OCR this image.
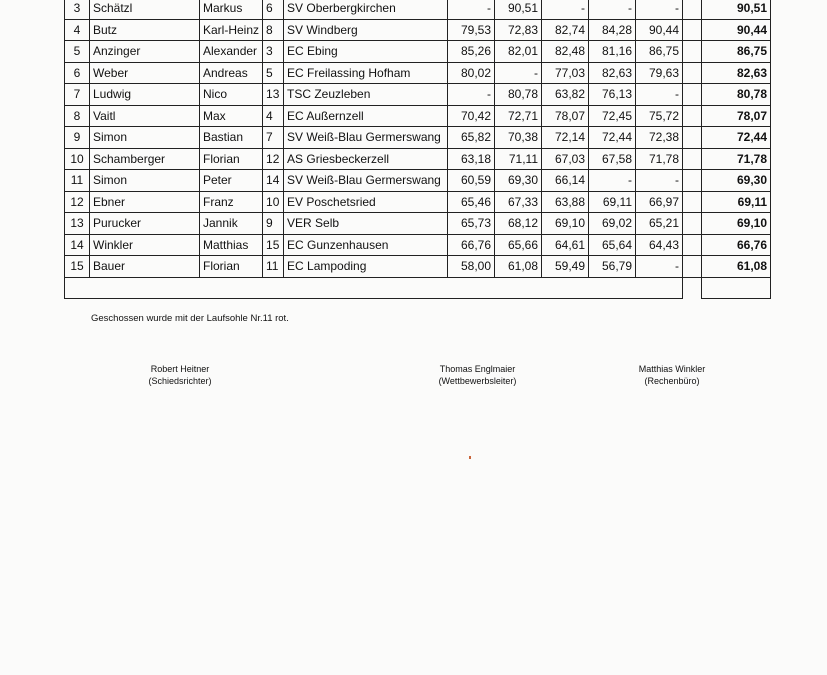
3	Schätzl	Markus	6	SV Oberbergkirchen	-	90,51	-	-	-		90,51
4	Butz	Karl-Heinz	8	SV Windberg	79,53	72,83	82,74	84,28	90,44		90,44
5	Anzinger	Alexander	3	EC Ebing	85,26	82,01	82,48	81,16	86,75		86,75
6	Weber	Andreas	5	EC Freilassing Hofham	80,02	-	77,03	82,63	79,63		82,63
7	Ludwig	Nico	13	TSC Zeuzleben	-	80,78	63,82	76,13	-		80,78
8	Vaitl	Max	4	EC Außernzell	70,42	72,71	78,07	72,45	75,72		78,07
9	Simon	Bastian	7	SV Weiß-Blau Germerswang	65,82	70,38	72,14	72,44	72,38		72,44
10	Schamberger	Florian	12	AS Griesbeckerzell	63,18	71,11	67,03	67,58	71,78		71,78
11	Simon	Peter	14	SV Weiß-Blau Germerswang	60,59	69,30	66,14	-	-		69,30
12	Ebner	Franz	10	EV Poschetsried	65,46	67,33	63,88	69,11	66,97		69,11
13	Purucker	Jannik	9	VER Selb	65,73	68,12	69,10	69,02	65,21		69,10
14	Winkler	Matthias	15	EC Gunzenhausen	66,76	65,66	64,61	65,64	64,43		66,76
15	Bauer	Florian	11	EC Lampoding	58,00	61,08	59,49	56,79	-		61,08

Geschossen wurde mit der Laufsohle Nr.11 rot.
Robert Heitner
(Schiedsrichter)
Thomas Englmaier
(Wettbewerbsleiter)
Matthias Winkler
(Rechenbüro)
